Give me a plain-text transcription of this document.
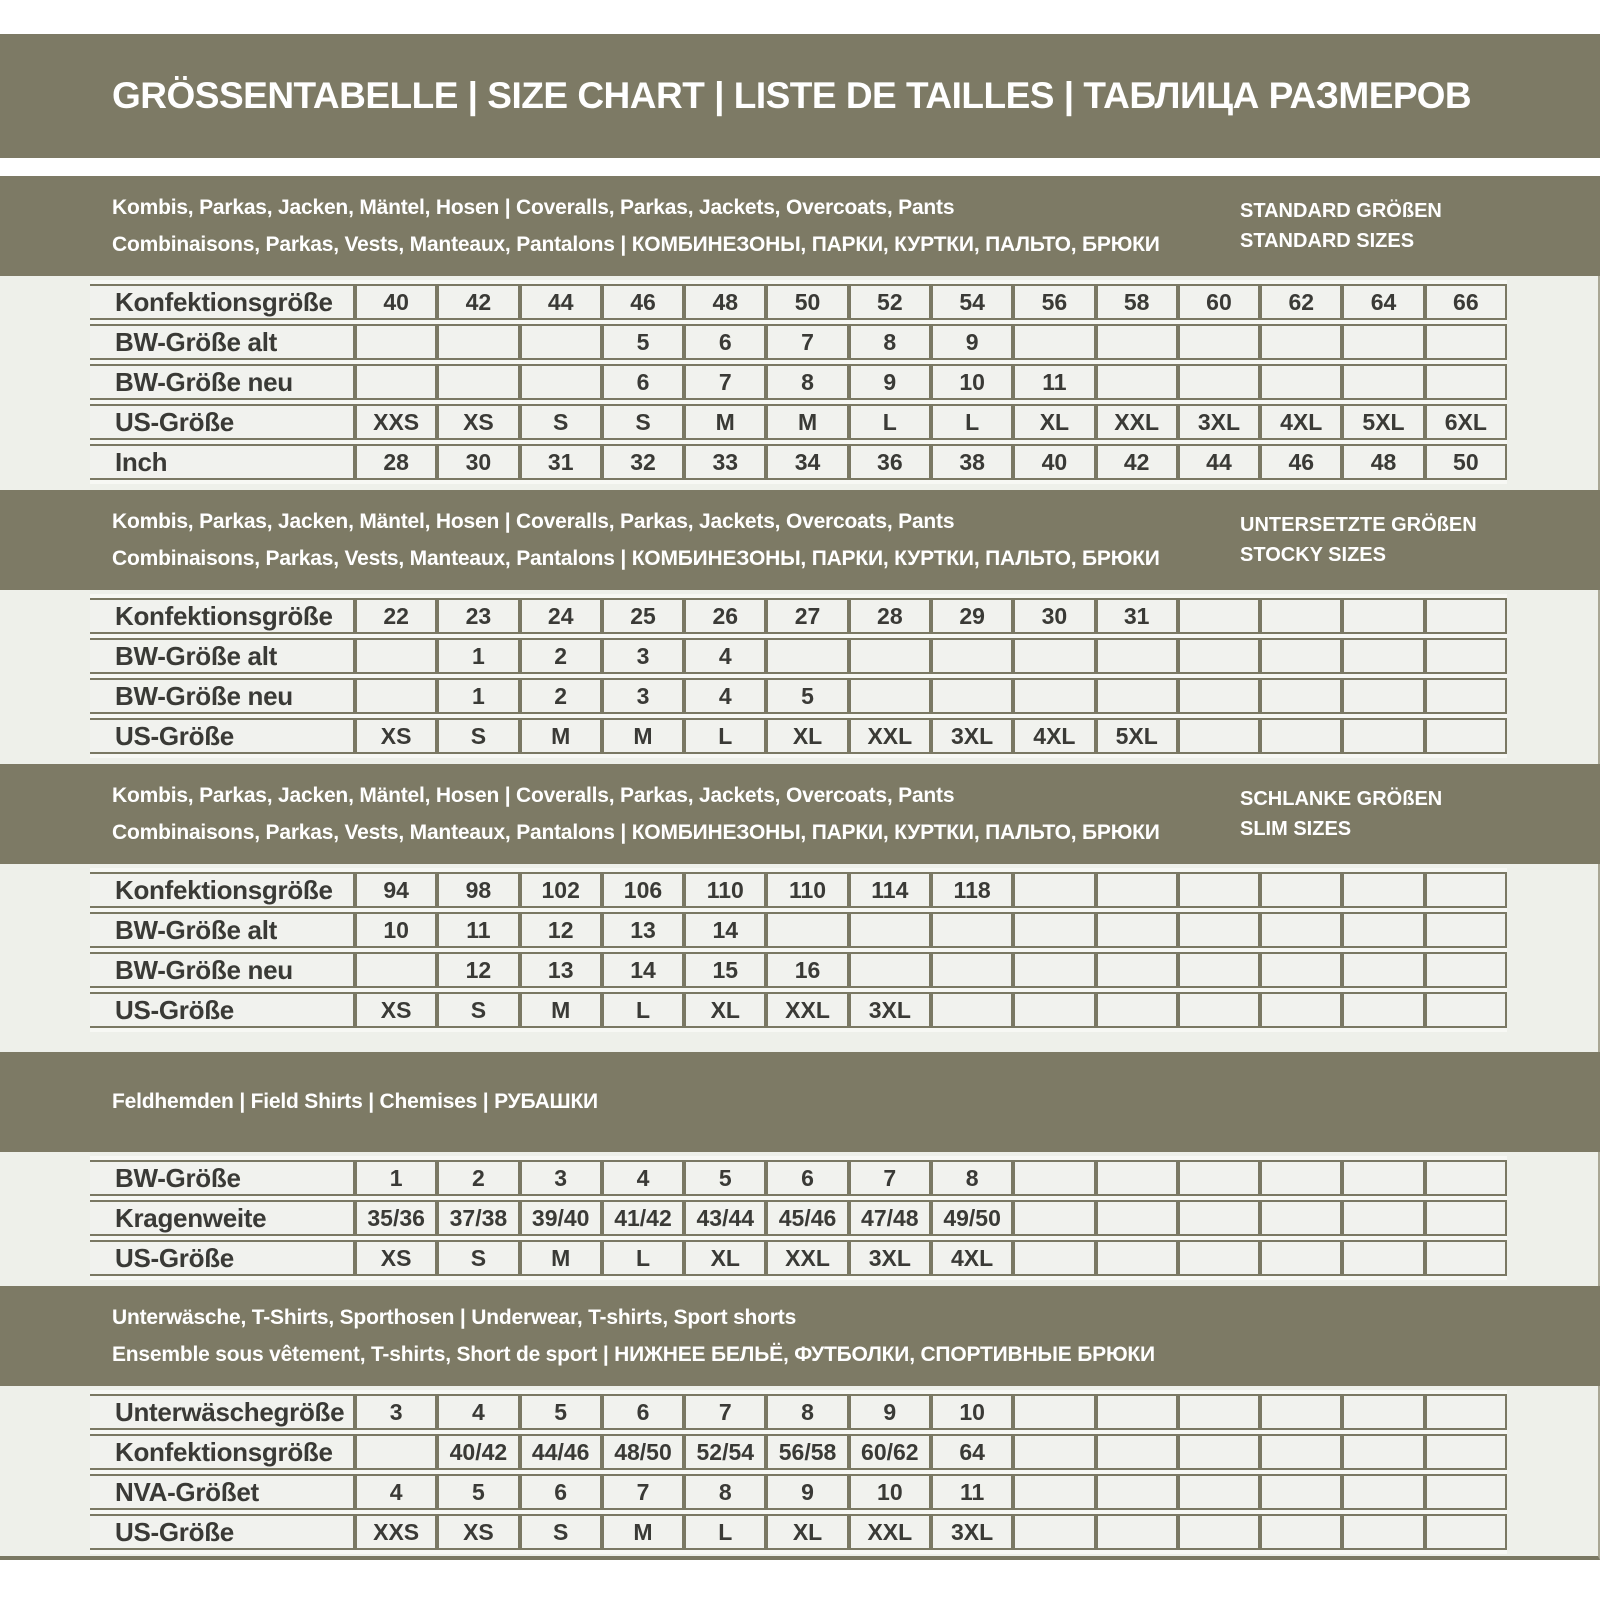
GRÖSSENTABELLE | SIZE CHART | LISTE DE TAILLES | ТАБЛИЦА РАЗМЕРОВ
Kombis, Parkas, Jacken, Mäntel, Hosen | Coveralls, Parkas, Jackets, Overcoats, Pants
Combinaisons, Parkas, Vests, Manteaux, Pantalons | КОМБИНЕЗОНЫ, ПАРКИ, КУРТКИ, ПАЛЬТО, БРЮКИ
STANDARD GRÖßEN
STANDARD SIZES
Konfektionsgröße	40	42	44	46	48	50	52	54	56	58	60	62	64	66
BW-Größe alt				5	6	7	8	9						
BW-Größe neu				6	7	8	9	10	11					
US-Größe	XXS	XS	S	S	M	M	L	L	XL	XXL	3XL	4XL	5XL	6XL
Inch	28	30	31	32	33	34	36	38	40	42	44	46	48	50
Kombis, Parkas, Jacken, Mäntel, Hosen | Coveralls, Parkas, Jackets, Overcoats, Pants
Combinaisons, Parkas, Vests, Manteaux, Pantalons | КОМБИНЕЗОНЫ, ПАРКИ, КУРТКИ, ПАЛЬТО, БРЮКИ
UNTERSETZTE GRÖßEN
STOCKY SIZES
Konfektionsgröße	22	23	24	25	26	27	28	29	30	31				
BW-Größe alt		1	2	3	4									
BW-Größe neu		1	2	3	4	5								
US-Größe	XS	S	M	M	L	XL	XXL	3XL	4XL	5XL				
Kombis, Parkas, Jacken, Mäntel, Hosen | Coveralls, Parkas, Jackets, Overcoats, Pants
Combinaisons, Parkas, Vests, Manteaux, Pantalons | КОМБИНЕЗОНЫ, ПАРКИ, КУРТКИ, ПАЛЬТО, БРЮКИ
SCHLANKE GRÖßEN
SLIM SIZES
Konfektionsgröße	94	98	102	106	110	110	114	118						
BW-Größe alt	10	11	12	13	14									
BW-Größe neu		12	13	14	15	16								
US-Größe	XS	S	M	L	XL	XXL	3XL							
Feldhemden | Field Shirts | Chemises | РУБАШКИ
BW-Größe	1	2	3	4	5	6	7	8						
Kragenweite	35/36	37/38	39/40	41/42	43/44	45/46	47/48	49/50						
US-Größe	XS	S	M	L	XL	XXL	3XL	4XL						
Unterwäsche, T-Shirts, Sporthosen | Underwear, T-shirts, Sport shorts
Ensemble sous vêtement, T-shirts, Short de sport | НИЖНЕЕ БЕЛЬЁ, ФУТБОЛКИ, СПОРТИВНЫЕ БРЮКИ
Unterwäschegröße	3	4	5	6	7	8	9	10						
Konfektionsgröße		40/42	44/46	48/50	52/54	56/58	60/62	64						
NVA-Größet	4	5	6	7	8	9	10	11						
US-Größe	XXS	XS	S	M	L	XL	XXL	3XL						
